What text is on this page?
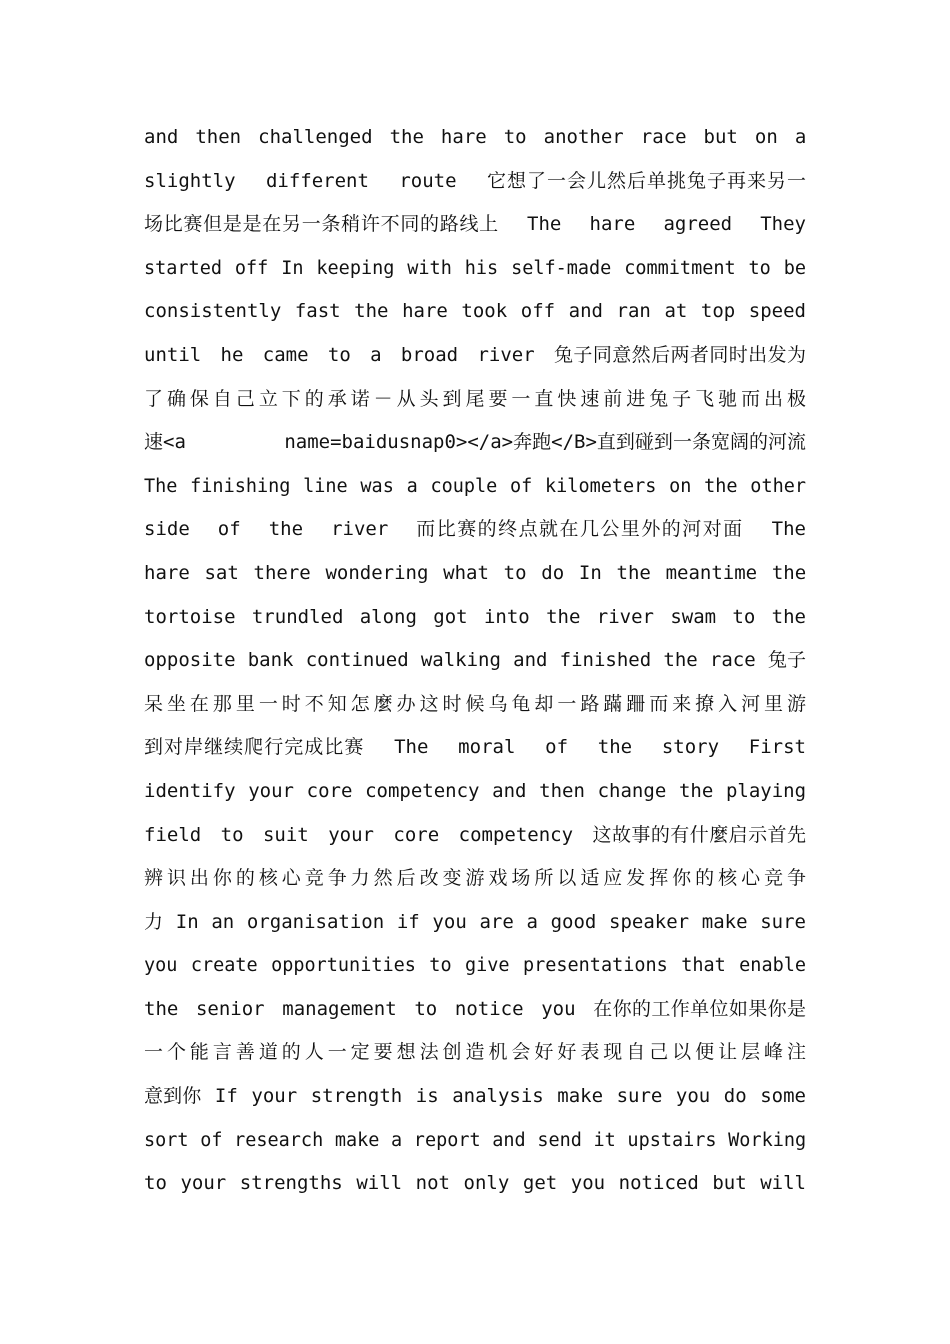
and then challenged the hare to another race but on a
slightly different route 它想了一会儿然后单挑兔子再来另一
场比赛但是是在另一条稍许不同的路线上 The hare agreed They
started off In keeping with his self-made commitment to be
consistently fast the hare took off and ran at top speed
until he came to a broad river 兔子同意然后两者同时出发为
了确保自己立下的承诺－从头到尾要一直快速前进兔子飞驰而出极
速<a name=baidusnap0></a>奔跑</B>直到碰到一条宽阔的河流
The finishing line was a couple of kilometers on the other
side of the river 而比赛的终点就在几公里外的河对面 The
hare sat there wondering what to do In the meantime the
tortoise trundled along got into the river swam to the
opposite bank continued walking and finished the race 兔子
呆坐在那里一时不知怎麼办这时候乌龟却一路蹣跚而来撩入河里游
到对岸继续爬行完成比赛 The moral of the story First
identify your core competency and then change the playing
field to suit your core competency 这故事的有什麼启示首先
辨识出你的核心竞争力然后改变游戏场所以适应发挥你的核心竞争
力 In an organisation if you are a good speaker make sure
you create opportunities to give presentations that enable
the senior management to notice you 在你的工作单位如果你是
一个能言善道的人一定要想法创造机会好好表现自己以便让层峰注
意到你 If your strength is analysis make sure you do some
sort of research make a report and send it upstairs Working
to your strengths will not only get you noticed but will
